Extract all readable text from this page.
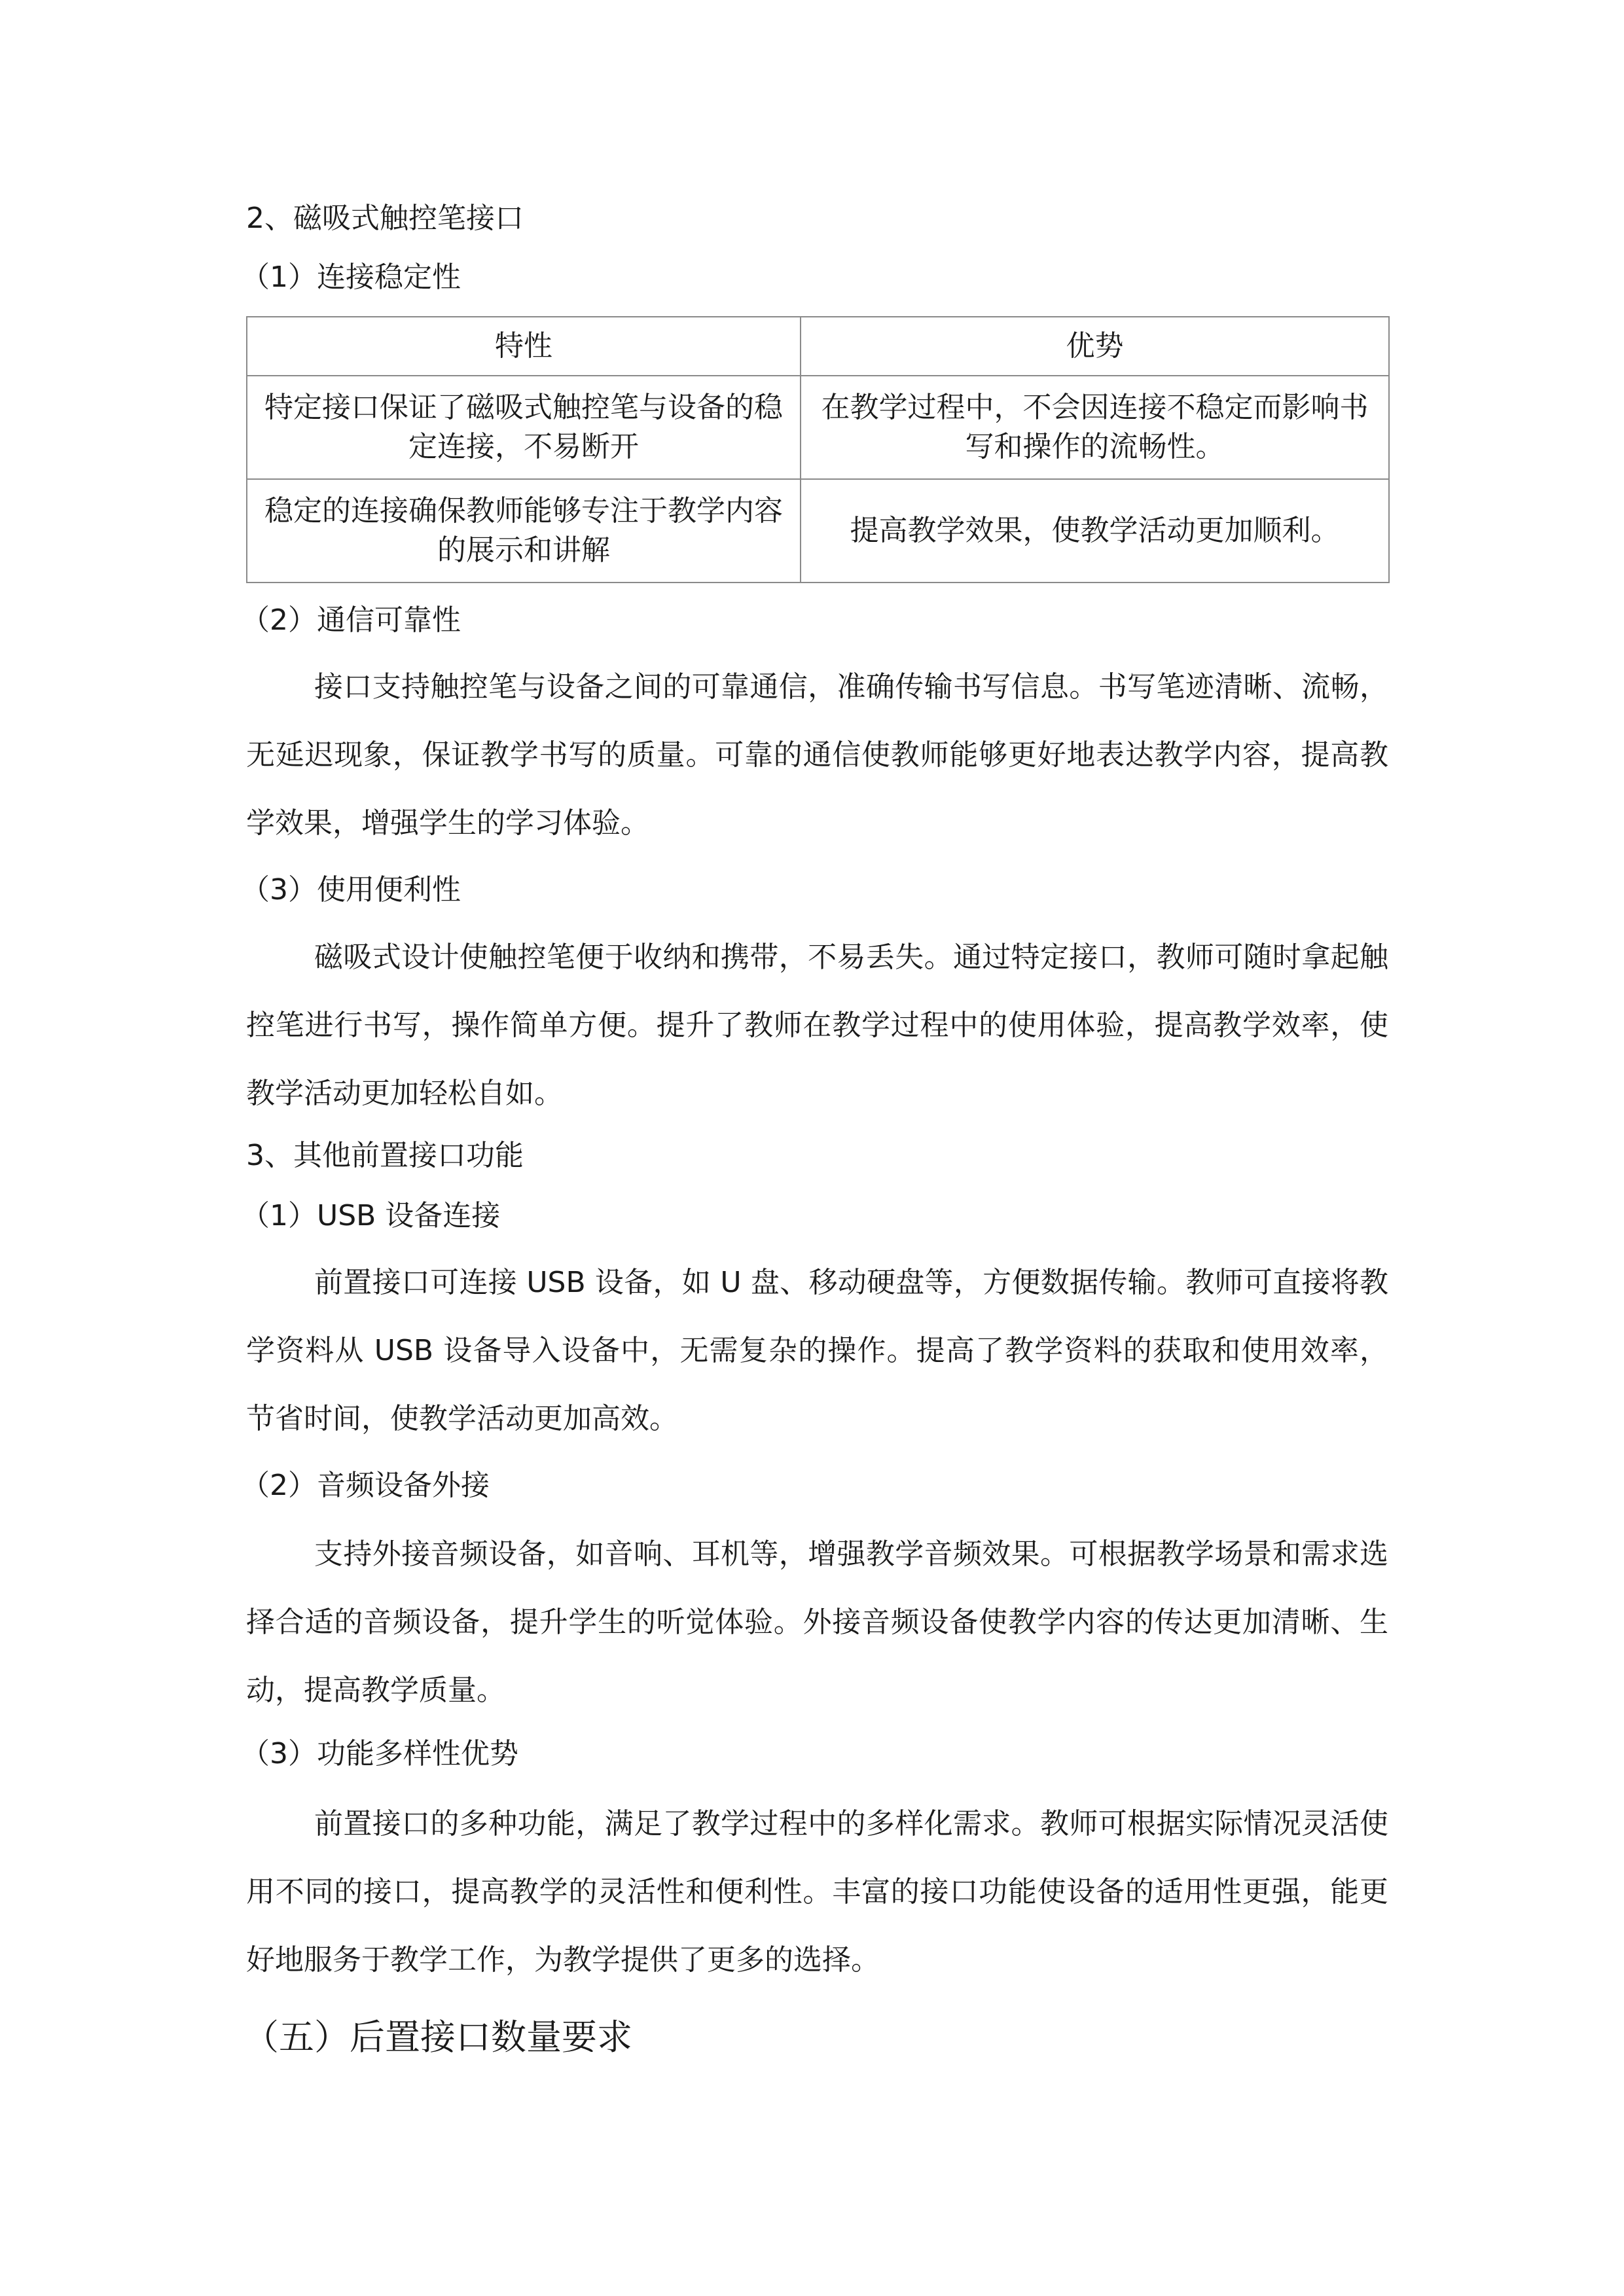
2、磁吸式触控笔接口
（1）连接稳定性
特性	优势
特定接口保证了磁吸式触控笔与设备的稳定连接，不易断开	在教学过程中，不会因连接不稳定而影响书写和操作的流畅性。
稳定的连接确保教师能够专注于教学内容的展示和讲解	提高教学效果，使教学活动更加顺利。
（2）通信可靠性
接口支持触控笔与设备之间的可靠通信，准确传输书写信息。书写笔迹清晰、流畅，无延迟现象，保证教学书写的质量。可靠的通信使教师能够更好地表达教学内容，提高教学效果，增强学生的学习体验。
（3）使用便利性
磁吸式设计使触控笔便于收纳和携带，不易丢失。通过特定接口，教师可随时拿起触控笔进行书写，操作简单方便。提升了教师在教学过程中的使用体验，提高教学效率，使教学活动更加轻松自如。
3、其他前置接口功能
（1）USB 设备连接
前置接口可连接 USB 设备，如 U 盘、移动硬盘等，方便数据传输。教师可直接将教学资料从 USB 设备导入设备中，无需复杂的操作。提高了教学资料的获取和使用效率，节省时间，使教学活动更加高效。
（2）音频设备外接
支持外接音频设备，如音响、耳机等，增强教学音频效果。可根据教学场景和需求选择合适的音频设备，提升学生的听觉体验。外接音频设备使教学内容的传达更加清晰、生动，提高教学质量。
（3）功能多样性优势
前置接口的多种功能，满足了教学过程中的多样化需求。教师可根据实际情况灵活使用不同的接口，提高教学的灵活性和便利性。丰富的接口功能使设备的适用性更强，能更好地服务于教学工作，为教学提供了更多的选择。
（五）后置接口数量要求
